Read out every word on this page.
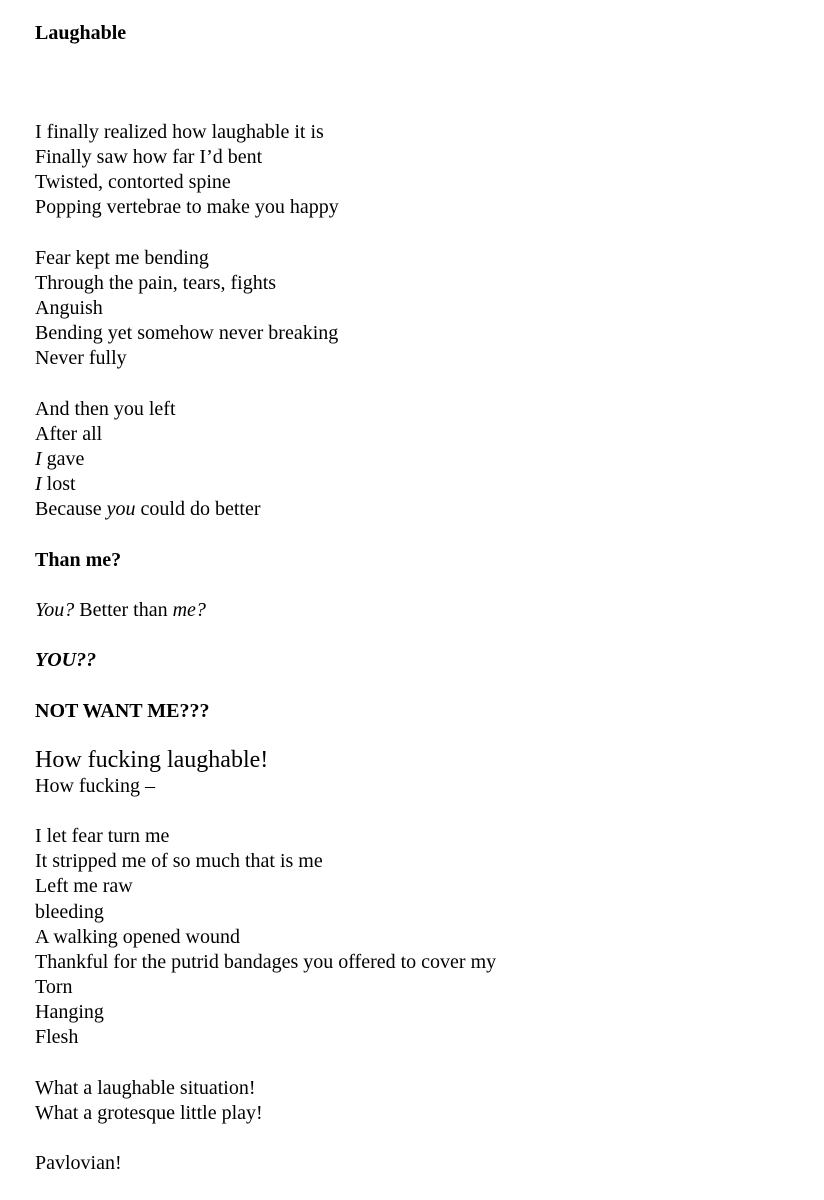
Laughable
I finally realized how laughable it is
Finally saw how far I’d bent
Twisted, contorted spine
Popping vertebrae to make you happy
Fear kept me bending
Through the pain, tears, fights
Anguish
Bending yet somehow never breaking
Never fully
And then you left
After all
I gave
I lost
Because you could do better
Than me?
You? Better than me?
YOU??
NOT WANT ME???
How fucking laughable!
How fucking –
I let fear turn me
It stripped me of so much that is me
Left me raw
bleeding
A walking opened wound
Thankful for the putrid bandages you offered to cover my
Torn
Hanging
Flesh
What a laughable situation!
What a grotesque little play!
Pavlovian!
